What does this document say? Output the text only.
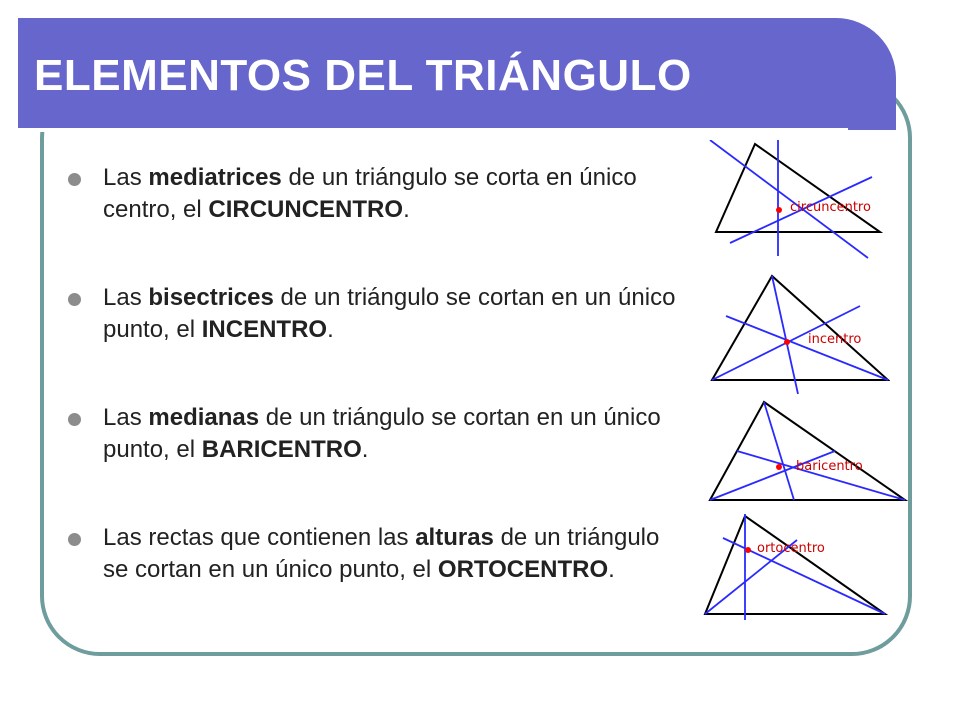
ELEMENTOS DEL TRIÁNGULO
Las mediatrices de un triángulo se corta en único centro, el CIRCUNCENTRO.
Las bisectrices de un triángulo se cortan en un único punto, el INCENTRO.
Las medianas de un triángulo se cortan en un único punto, el BARICENTRO.
Las rectas que contienen las alturas de un triángulo se cortan en un único punto, el ORTOCENTRO.
circuncentro
incentro
baricentro
ortocentro
